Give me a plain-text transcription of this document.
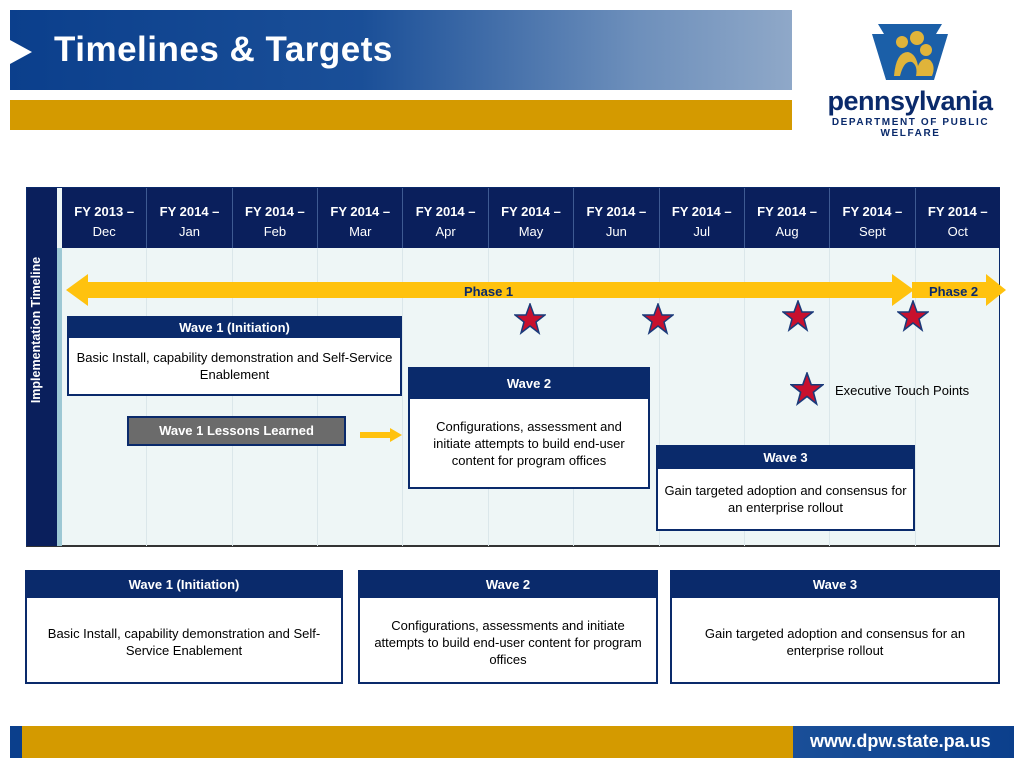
Timelines & Targets
pennsylvania
DEPARTMENT OF PUBLIC WELFARE
Implementation Timeline
FY 2013 –
Dec
FY 2014 –
Jan
FY 2014 –
Feb
FY 2014 –
Mar
FY 2014 –
Apr
FY 2014 –
May
FY 2014 –
Jun
FY 2014 –
Jul
FY 2014 –
Aug
FY 2014 –
Sept
FY 2014 –
Oct
Phase 1	Phase 2
Executive Touch Points
Wave 1 (Initiation)
Basic Install, capability demonstration and Self-Service Enablement
Wave 2
Configurations, assessment and initiate attempts to build end-user content for program offices	Wave 3
Gain targeted adoption and consensus for an enterprise rollout
Wave 1 Lessons Learned
Wave 1 (Initiation)
Basic Install, capability demonstration and Self-Service Enablement
Wave 2
Configurations, assessments and initiate attempts to build end-user content for program offices
Wave 3
Gain targeted adoption and consensus for an enterprise rollout
www.dpw.state.pa.us
